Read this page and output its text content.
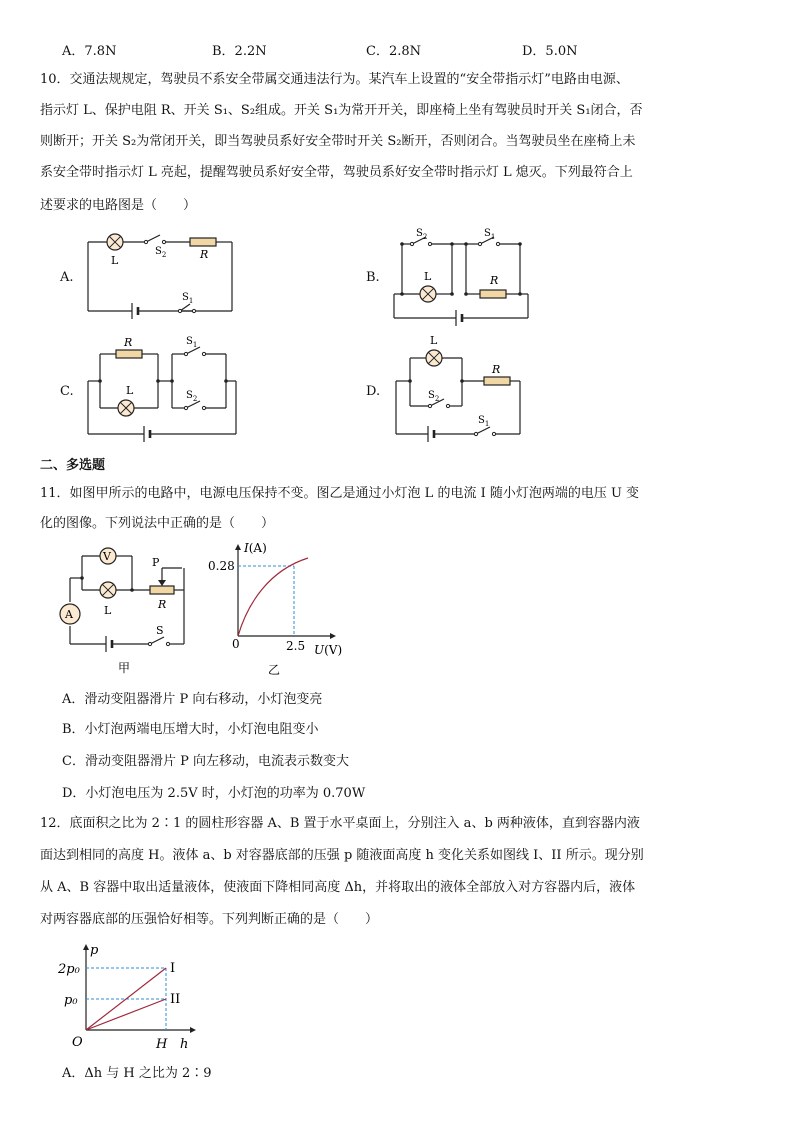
A．7.8N	B．2.2N	C．2.8N	D．5.0N
10．交通法规规定，驾驶员不系安全带属交通违法行为。某汽车上设置的“安全带指示灯”电路由电源、
指示灯 L、保护电阻 R、开关 S₁、S₂组成。开关 S₁为常开开关，即座椅上坐有驾驶员时开关 S₁闭合，否
则断开；开关 S₂为常闭开关，即当驾驶员系好安全带时开关 S₂断开，否则闭合。当驾驶员坐在座椅上未
系安全带时指示灯 L 亮起，提醒驾驶员系好安全带，驾驶员系好安全带时指示灯 L 熄灭。下列最符合上
述要求的电路图是（　　）
A.	B.
C.	D.
L
$S_2$	R
$S_1$
$S_2$	$S_1$
L	R
R
L
$S_1$
$S_2$
L
$S_2$
R
$S_1$
二、多选题
11．如图甲所示的电路中，电源电压保持不变。图乙是通过小灯泡 L 的电流 I 随小灯泡两端的电压 U 变
化的图像。下列说法中正确的是（　　）
V
A	L
P
R
S
甲
I(A)
0.28
0	2.5 U(V)
乙
A．滑动变阻器滑片 P 向右移动，小灯泡变亮
B．小灯泡两端电压增大时，小灯泡电阻变小
C．滑动变阻器滑片 P 向左移动，电流表示数变大
D．小灯泡电压为 2.5V 时，小灯泡的功率为 0.70W
12．底面积之比为 2∶1 的圆柱形容器 A、B 置于水平桌面上，分别注入 a、b 两种液体，直到容器内液
面达到相同的高度 H。液体 a、b 对容器底部的压强 p 随液面高度 h 变化关系如图线 I、II 所示。现分别
从 A、B 容器中取出适量液体，使液面下降相同高度 Δh，并将取出的液体全部放入对方容器内后，液体
对两容器底部的压强恰好相等。下列判断正确的是（　　）
p
2p₀
p₀
O	H h
I
II
A．Δh 与 H 之比为 2∶9
